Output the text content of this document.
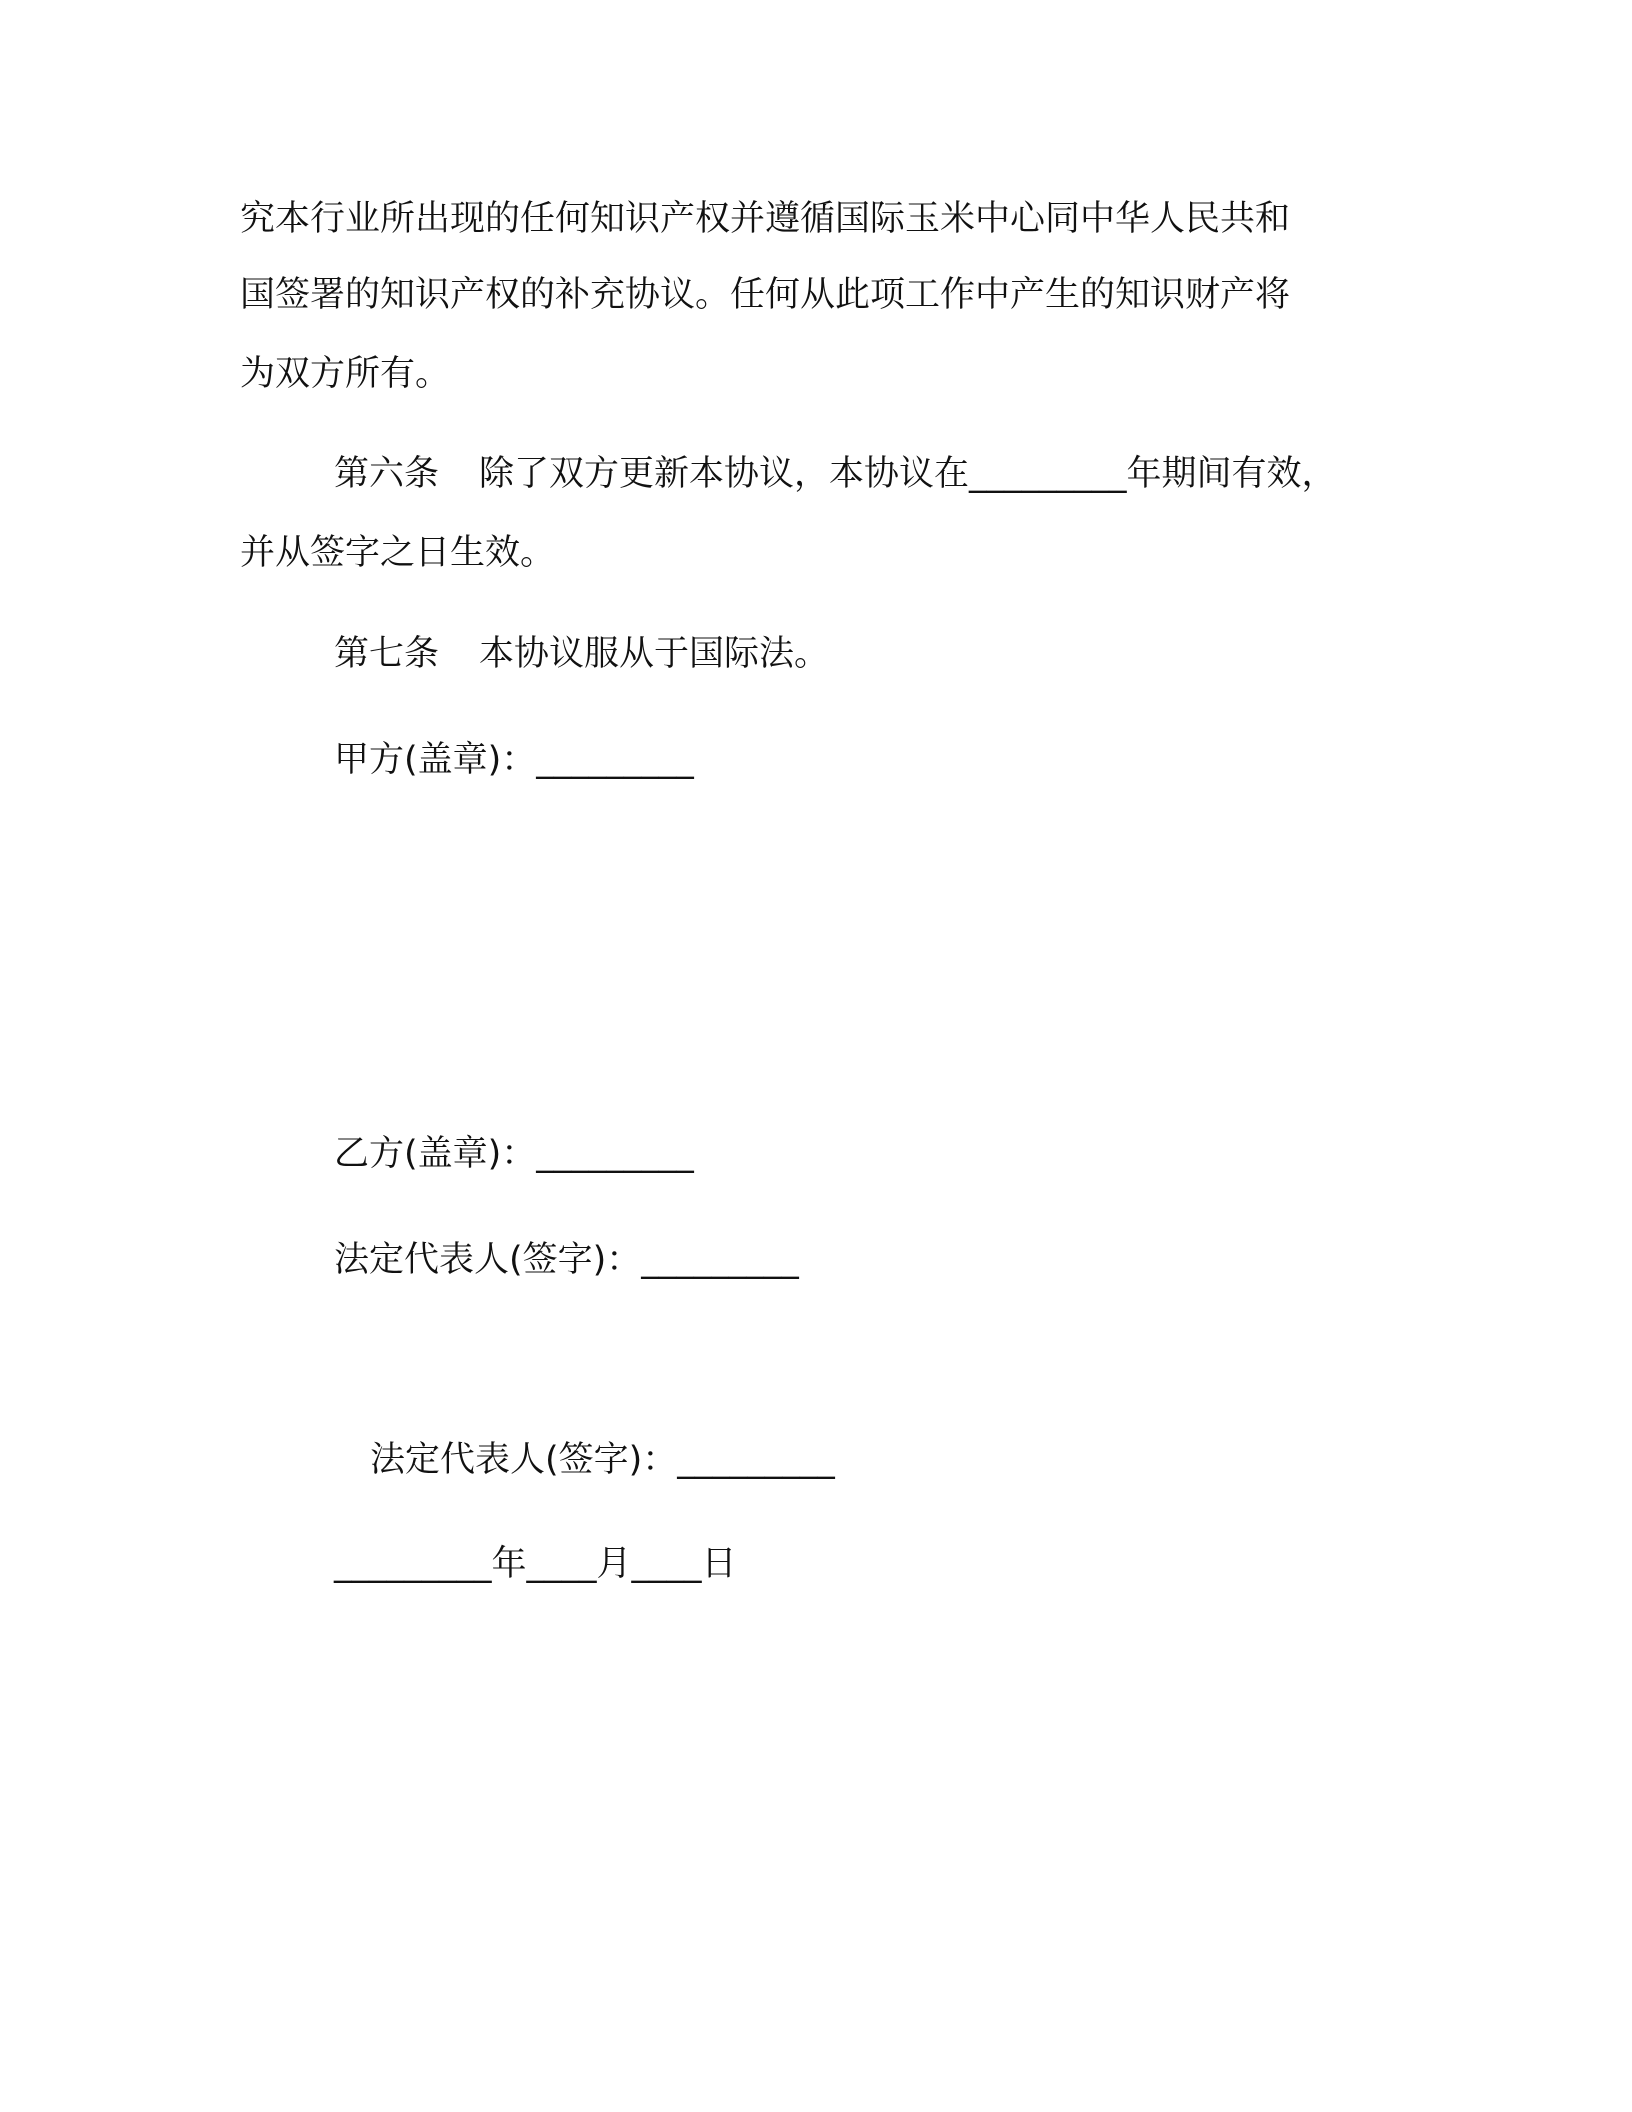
究本行业所出现的任何知识产权并遵循国际玉米中心同中华人民共和
国签署的知识产权的补充协议。任何从此项工作中产生的知识财产将
为双方所有。
第六条 除了双方更新本协议，本协议在_________年期间有效，
并从签字之日生效。
第七条 本协议服从于国际法。
甲方(盖章)：_________
乙方(盖章)：_________
法定代表人(签字)：_________
法定代表人(签字)：_________
_________年____月____日
